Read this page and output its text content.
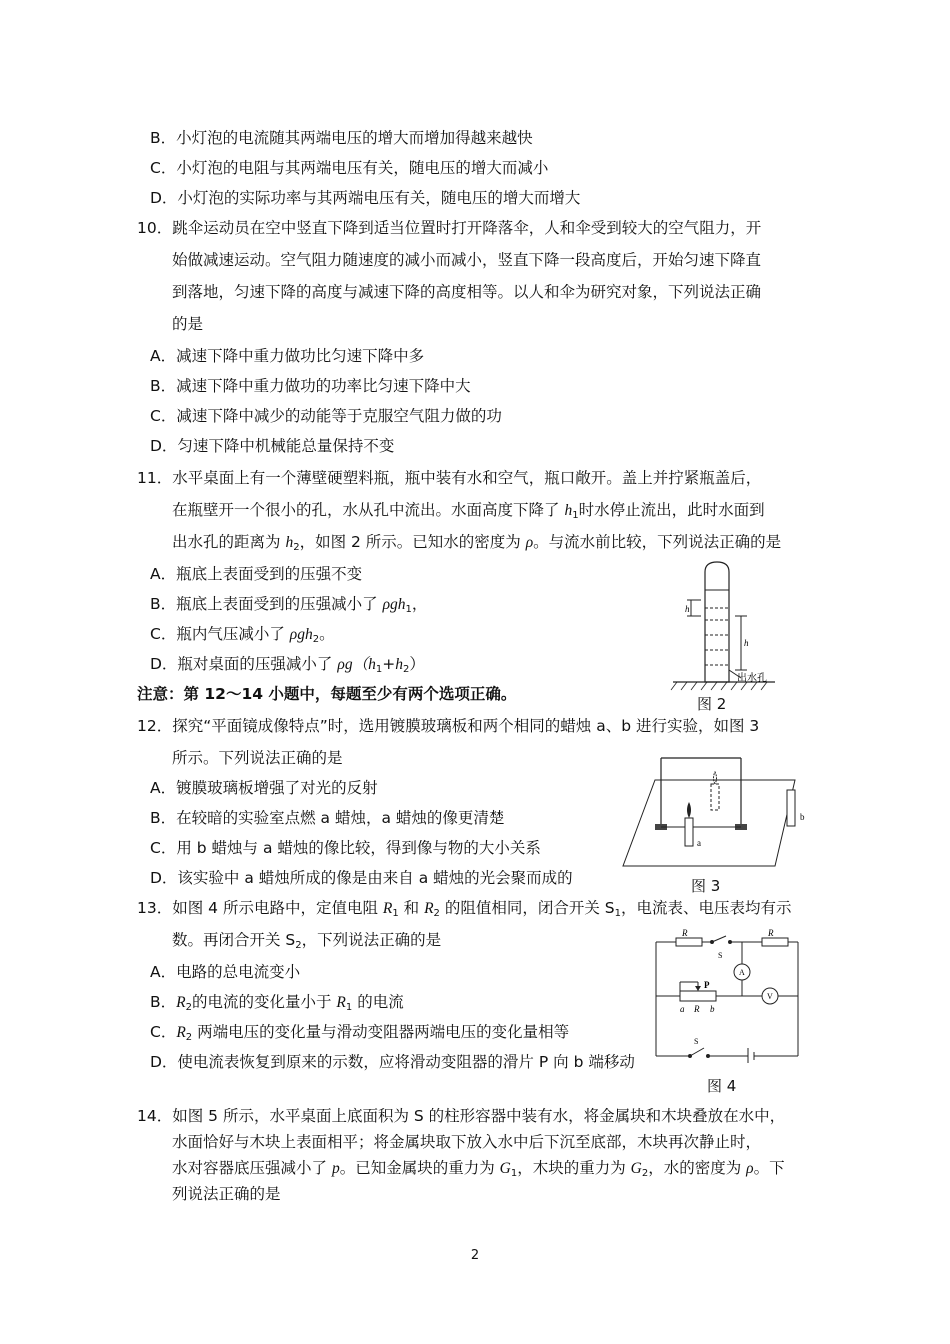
B．小灯泡的电流随其两端电压的增大而增加得越来越快
C．小灯泡的电阻与其两端电压有关，随电压的增大而减小
D．小灯泡的实际功率与其两端电压有关，随电压的增大而增大
10．跳伞运动员在空中竖直下降到适当位置时打开降落伞，人和伞受到较大的空气阻力，开
始做减速运动。空气阻力随速度的减小而减小，竖直下降一段高度后，开始匀速下降直
到落地，匀速下降的高度与减速下降的高度相等。以人和伞为研究对象，下列说法正确
的是
A．减速下降中重力做功比匀速下降中多
B．减速下降中重力做功的功率比匀速下降中大
C．减速下降中减少的动能等于克服空气阻力做的功
D．匀速下降中机械能总量保持不变
11．水平桌面上有一个薄壁硬塑料瓶，瓶中装有水和空气，瓶口敞开。盖上并拧紧瓶盖后，
在瓶壁开一个很小的孔，水从孔中流出。水面高度下降了 $h_1$时水停止流出，此时水面到
出水孔的距离为 $h_2$，如图 2 所示。已知水的密度为 ρ。与流水前比较，下列说法正确的是
A．瓶底上表面受到的压强不变
B．瓶底上表面受到的压强减小了 ρgh$_1$，
C．瓶内气压减小了 ρgh$_2$。
D．瓶对桌面的压强减小了 $\rho g(h_1+h_2)$
h
h
出水孔
图 2
注意：第 12～14 小题中，每题至少有两个选项正确。
12．探究“平面镜成像特点”时，选用镀膜玻璃板和两个相同的蜡烛 a、b 进行实验，如图 3
所示。下列说法正确的是
A．镀膜玻璃板增强了对光的反射
B．在较暗的实验室点燃 a 蜡烛，a 蜡烛的像更清楚
C．用 b 蜡烛与 a 蜡烛的像比较，得到像与物的大小关系
D．该实验中 a 蜡烛所成的像是由来自 a 蜡烛的光会聚而成的
a
b
图 3
13．如图 4 所示电路中，定值电阻 $R_1$ 和 $R_2$ 的阻值相同，闭合开关 $S_1$，电流表、电压表均有示
数。再闭合开关 $S_2$，下列说法正确的是
A．电路的总电流变小
B．$R_2$的电流的变化量小于 $R_1$ 的电流
C．$R_2$ 两端电压的变化量与滑动变阻器两端电压的变化量相等
D．使电流表恢复到原来的示数，应将滑动变阻器的滑片 P 向 b 端移动
R	R
S
A
V
P
a R b
S
图 4
14．如图 5 所示，水平桌面上底面积为 S 的柱形容器中装有水，将金属块和木块叠放在水中，
水面恰好与木块上表面相平；将金属块取下放入水中后下沉至底部，木块再次静止时，
水对容器底压强减小了 p。已知金属块的重力为 $G_1$，木块的重力为 $G_2$，水的密度为 ρ。下
列说法正确的是
2
